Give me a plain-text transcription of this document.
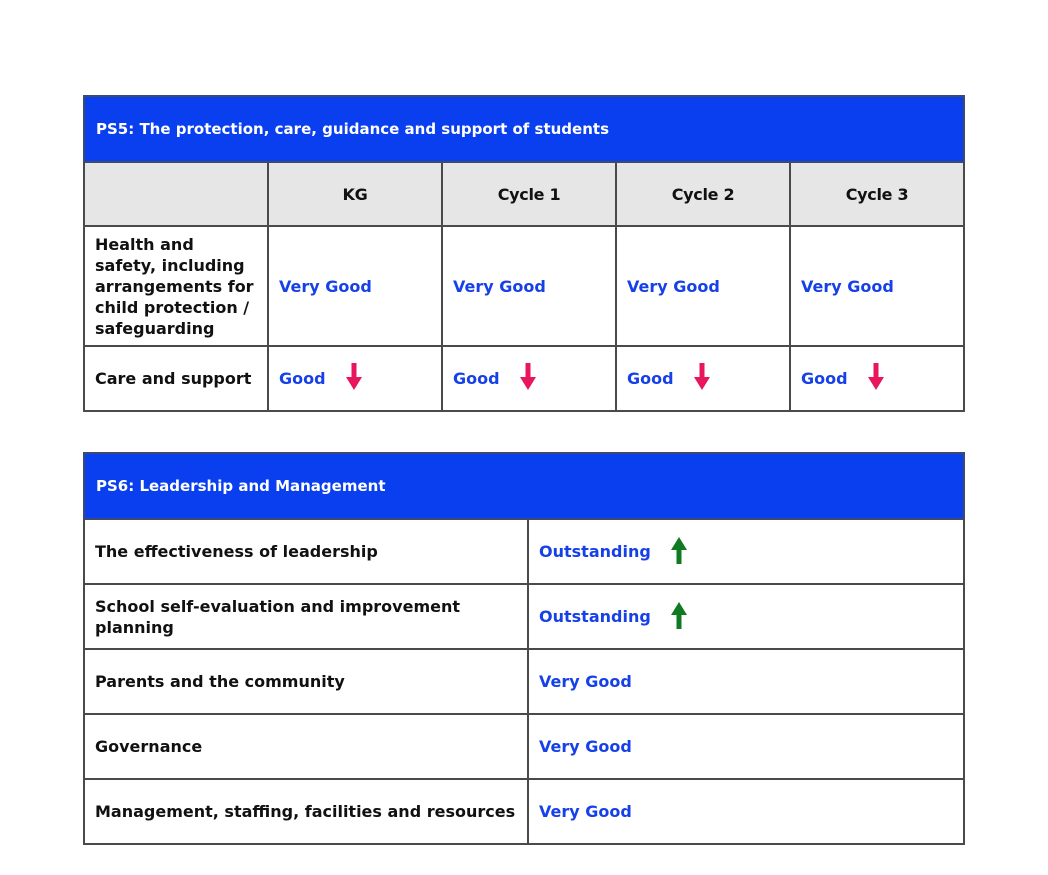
PS5: The protection, care, guidance and support of students				
	KG	Cycle 1	Cycle 2	Cycle 3
Health and safety, including arrangements for child protection / safeguarding	Very Good	Very Good	Very Good	Very Good
Care and support	Good	Good	Good	Good
PS6: Leadership and Management	
The effectiveness of leadership	Outstanding

School self-evaluation and improvement planning	Outstanding

Parents and the community	Very Good
Governance	Very Good
Management, staffing, facilities and resources	Very Good
